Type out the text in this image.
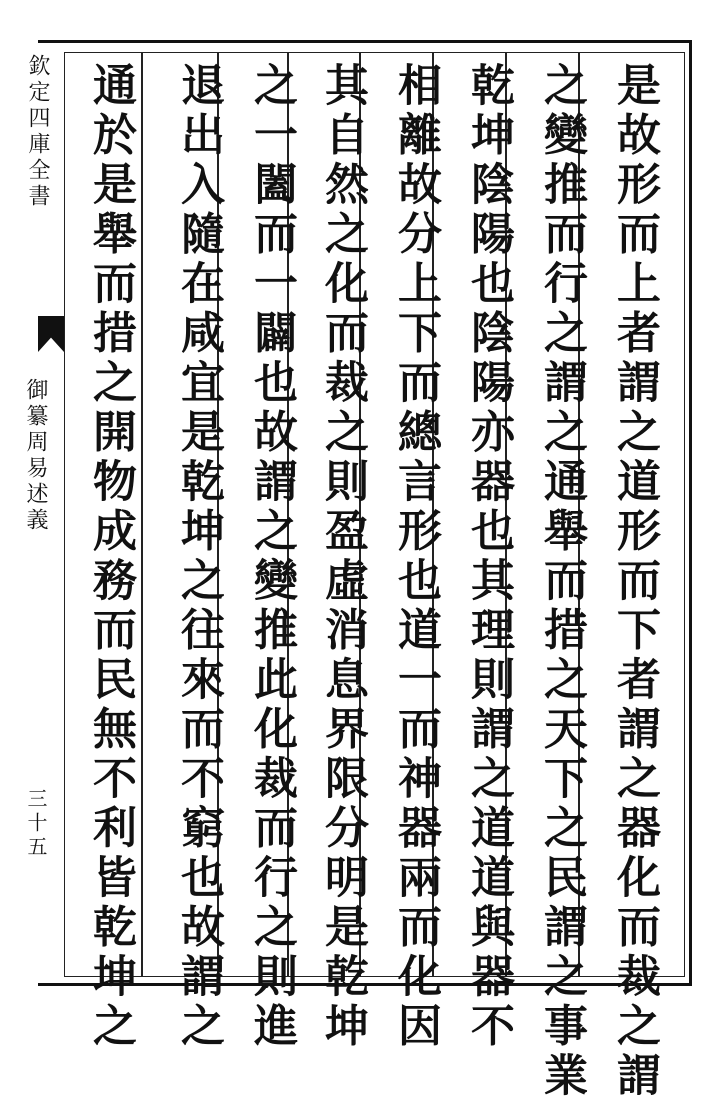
欽定四庫全書
御纂周易述義
三十五	是故形而上者謂之道形而下者謂之器化而裁之謂
之變推而行之謂之通舉而措之天下之民謂之事業
乾坤陰陽也陰陽亦器也其理則謂之道道與器不
相離故分上下而總言形也道一而神器兩而化因
其自然之化而裁之則盈虛消息界限分明是乾坤
之一闔而一闢也故謂之變推此化裁而行之則進
退出入隨在咸宜是乾坤之往來而不窮也故謂之
通於是舉而措之開物成務而民無不利皆乾坤之
